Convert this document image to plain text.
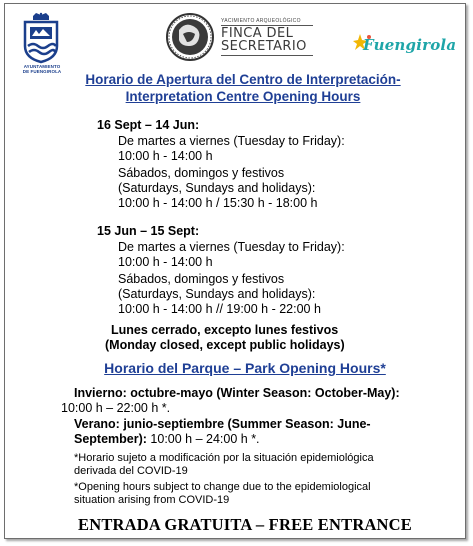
AYUNTAMIENTO
DE FUENGIROLA
YACIMIENTO ARQUEOLÓGICO
FINCA DEL
SECRETARIO	Fuengirola
Horario de Apertura del Centro de Interpretación-
Interpretation Centre Opening Hours
16 Sept – 14 Jun:
De martes a viernes (Tuesday to Friday):
10:00 h - 14:00 h
Sábados, domingos y festivos
(Saturdays, Sundays and holidays):
10:00 h - 14:00 h / 15:30 h - 18:00 h
15 Jun – 15 Sept:
De martes a viernes (Tuesday to Friday):
10:00 h - 14:00 h
Sábados, domingos y festivos
(Saturdays, Sundays and holidays):
10:00 h - 14:00 h // 19:00 h - 22:00 h
Lunes cerrado, excepto lunes festivos
(Monday closed, except public holidays)
Horario del Parque – Park Opening Hours*
Invierno: octubre-mayo (Winter Season: October-May):
10:00 h – 22:00 h *.
Verano: junio-septiembre (Summer Season: June-
September): 10:00 h – 24:00 h *.
*Horario sujeto a modificación por la situación epidemiológica
derivada del COVID-19
*Opening hours subject to change due to the epidemiological
situation arising from COVID-19
ENTRADA GRATUITA – FREE ENTRANCE
